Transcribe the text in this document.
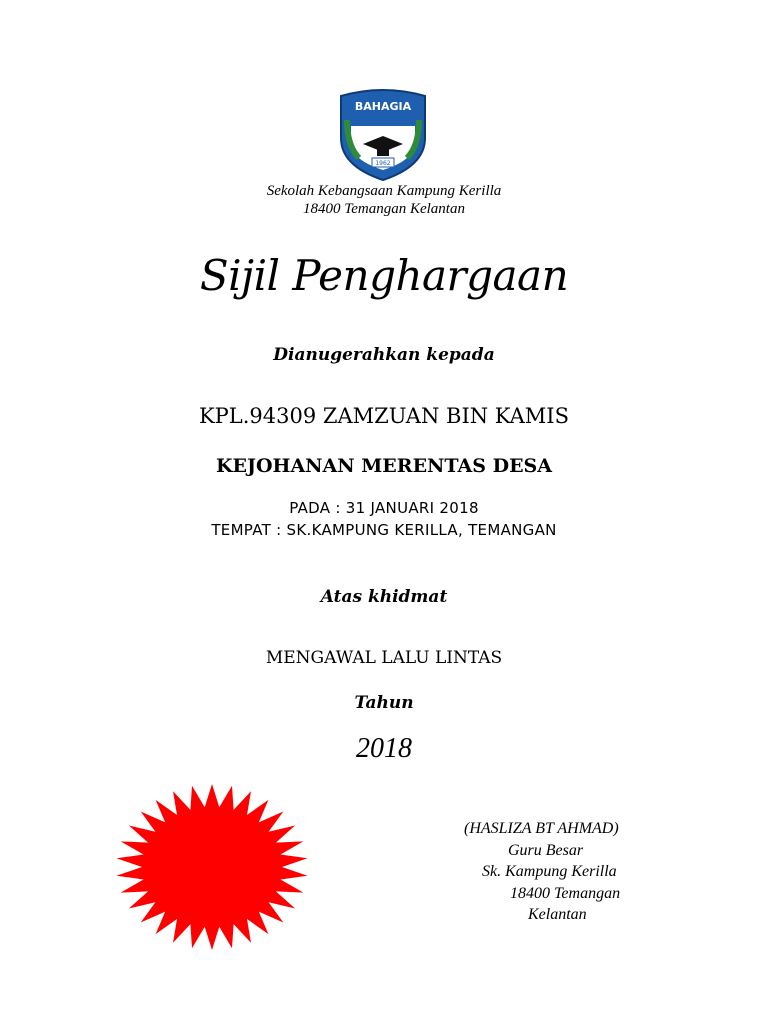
BAHAGIA
1962
Sekolah Kebangsaan Kampung Kerilla
18400 Temangan Kelantan
Sijil Penghargaan
Dianugerahkan kepada
KPL.94309 ZAMZUAN BIN KAMIS
KEJOHANAN MERENTAS DESA
PADA : 31 JANUARI 2018
TEMPAT : SK.KAMPUNG KERILLA, TEMANGAN
Atas khidmat
MENGAWAL LALU LINTAS
Tahun
2018
(HASLIZA BT AHMAD)
Guru Besar
Sk. Kampung Kerilla
18400 Temangan
Kelantan
